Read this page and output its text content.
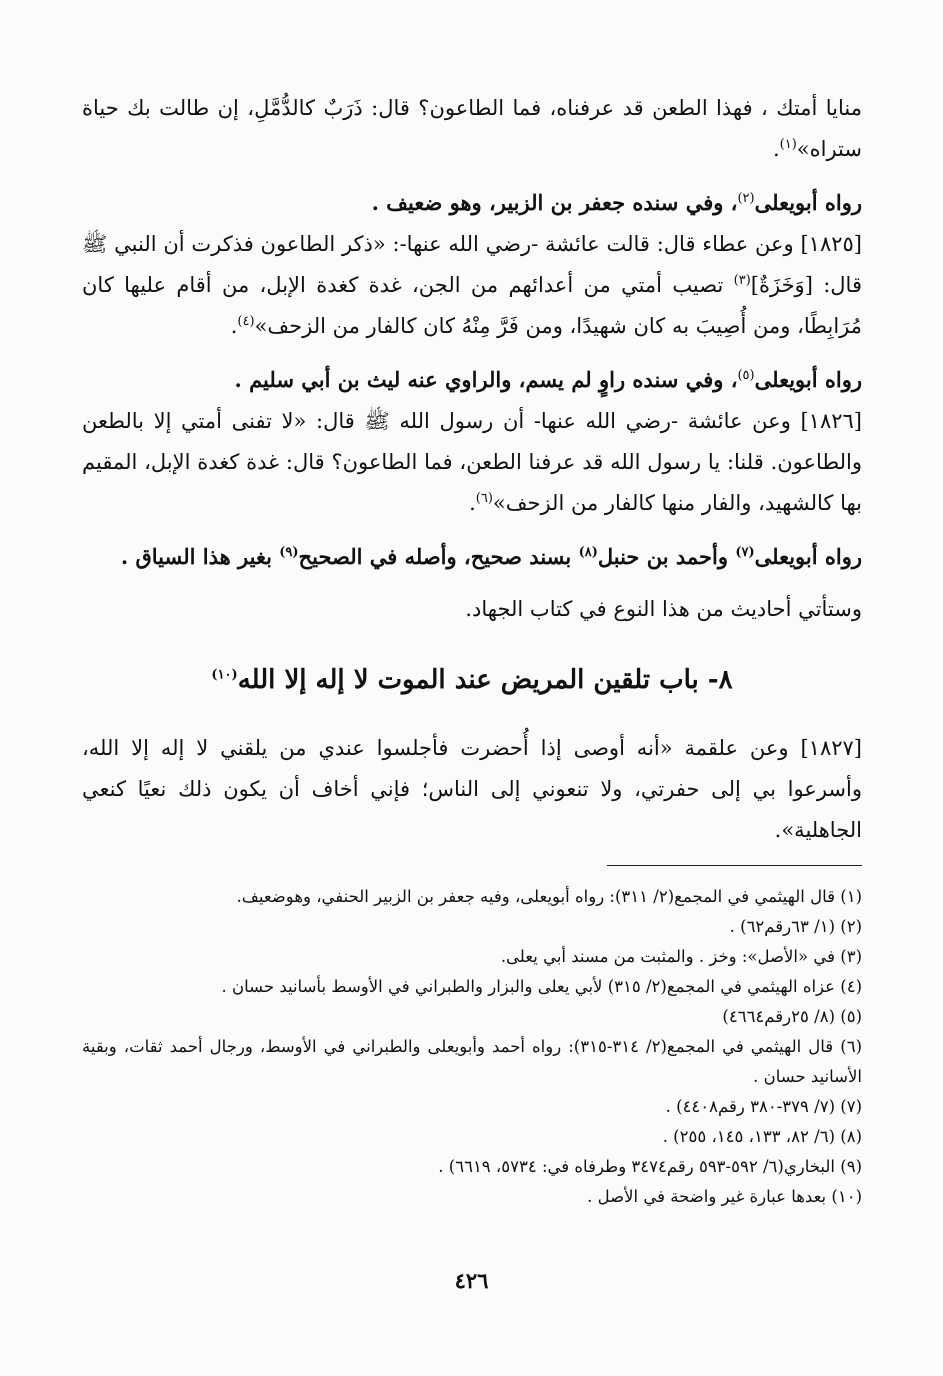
منايا أمتك ، فهذا الطعن قد عرفناه، فما الطاعون؟ قال: ذَرَبٌ كالدُّمَّلِ، إن طالت بك حياة ستراه»$^{(١)}$.

رواه أبويعلى$^{(٢)}$، وفي سنده جعفر بن الزبير، وهو ضعيف .

[١٨٢٥] وعن عطاء قال: قالت عائشة -رضي الله عنها-: «ذكر الطاعون فذكرت أن النبي ﷺ قال: [وَخَزَةٌ]$^{(٣)}$ تصيب أمتي من أعدائهم من الجن، غدة كغدة الإبل، من أقام عليها كان مُرَابِطًا، ومن أُصِيبَ به كان شهيدًا، ومن فَرَّ مِنْهُ كان كالفار من الزحف»$^{(٤)}$.

رواه أبويعلى$^{(٥)}$، وفي سنده راوٍ لم يسم، والراوي عنه ليث بن أبي سليم .

[١٨٢٦] وعن عائشة -رضي الله عنها- أن رسول الله ﷺ قال: «لا تفنى أمتي إلا بالطعن والطاعون. قلنا: يا رسول الله قد عرفنا الطعن، فما الطاعون؟ قال: غدة كغدة الإبل، المقيم بها كالشهيد، والفار منها كالفار من الزحف»$^{(٦)}$.

رواه أبويعلى$^{(٧)}$ وأحمد بن حنبل$^{(٨)}$ بسند صحيح، وأصله في الصحيح$^{(٩)}$ بغير هذا السياق .

وستأتي أحاديث من هذا النوع في كتاب الجهاد.

٨- باب تلقين المريض عند الموت لا إله إلا الله$^{(١٠)}$

[١٨٢٧] وعن علقمة «أنه أوصى إذا أُحضرت فأجلسوا عندي من يلقني لا إله إلا الله، وأسرعوا بي إلى حفرتي، ولا تنعوني إلى الناس؛ فإني أخاف أن يكون ذلك نعيًا كنعي الجاهلية».

(١) قال الهيثمي في المجمع(٢/ ٣١١): رواه أبويعلى، وفيه جعفر بن الزبير الحنفي، وهوضعيف.

(٢) (١/ ٦٣رقم٦٢) .

(٣) في «الأصل»: وخز . والمثبت من مسند أبي يعلى.

(٤) عزاه الهيثمي في المجمع(٢/ ٣١٥) لأبي يعلى والبزار والطبراني في الأوسط بأسانيد حسان .

(٥) (٨/ ٢٥رقم٤٦٦٤)

(٦) قال الهيثمي في المجمع(٢/ ٣١٤-٣١٥): رواه أحمد وأبويعلى والطبراني في الأوسط، ورجال أحمد ثقات، وبقية الأسانيد حسان .

(٧) (٧/ ٣٧٩-٣٨٠ رقم٤٤٠٨) .

(٨) (٦/ ٨٢، ١٣٣، ١٤٥، ٢٥٥) .

(٩) البخاري(٦/ ٥٩٢-٥٩٣ رقم٣٤٧٤ وطرفاه في: ٥٧٣٤، ٦٦١٩) .

(١٠) بعدها عبارة غير واضحة في الأصل .

٤٢٦
